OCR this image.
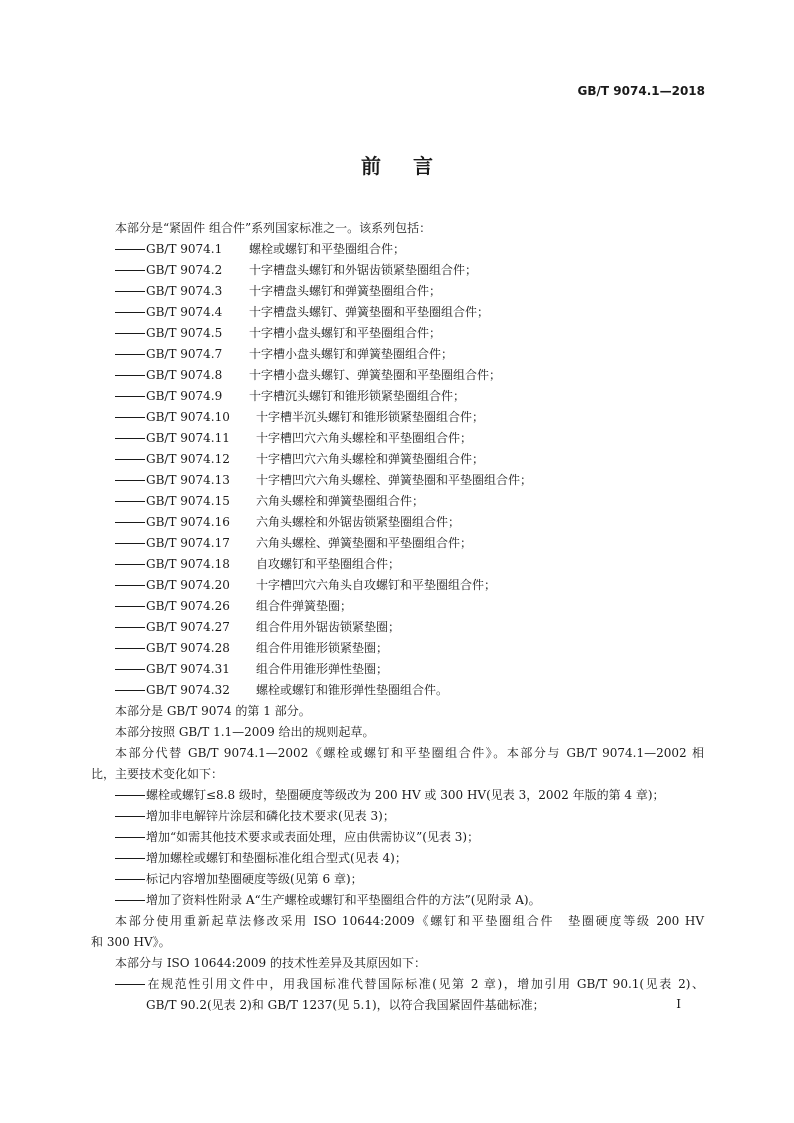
GB/T 9074.1—2018
前言
本部分是“紧固件 组合件”系列国家标准之一。该系列包括：
GB/T 9074.1 螺栓或螺钉和平垫圈组合件；
GB/T 9074.2 十字槽盘头螺钉和外锯齿锁紧垫圈组合件；
GB/T 9074.3 十字槽盘头螺钉和弹簧垫圈组合件；
GB/T 9074.4 十字槽盘头螺钉、弹簧垫圈和平垫圈组合件；
GB/T 9074.5 十字槽小盘头螺钉和平垫圈组合件；
GB/T 9074.7 十字槽小盘头螺钉和弹簧垫圈组合件；
GB/T 9074.8 十字槽小盘头螺钉、弹簧垫圈和平垫圈组合件；
GB/T 9074.9 十字槽沉头螺钉和锥形锁紧垫圈组合件；
GB/T 9074.10 十字槽半沉头螺钉和锥形锁紧垫圈组合件；
GB/T 9074.11 十字槽凹穴六角头螺栓和平垫圈组合件；
GB/T 9074.12 十字槽凹穴六角头螺栓和弹簧垫圈组合件；
GB/T 9074.13 十字槽凹穴六角头螺栓、弹簧垫圈和平垫圈组合件；
GB/T 9074.15 六角头螺栓和弹簧垫圈组合件；
GB/T 9074.16 六角头螺栓和外锯齿锁紧垫圈组合件；
GB/T 9074.17 六角头螺栓、弹簧垫圈和平垫圈组合件；
GB/T 9074.18 自攻螺钉和平垫圈组合件；
GB/T 9074.20 十字槽凹穴六角头自攻螺钉和平垫圈组合件；
GB/T 9074.26 组合件弹簧垫圈；
GB/T 9074.27 组合件用外锯齿锁紧垫圈；
GB/T 9074.28 组合件用锥形锁紧垫圈；
GB/T 9074.31 组合件用锥形弹性垫圈；
GB/T 9074.32 螺栓或螺钉和锥形弹性垫圈组合件。
本部分是 GB/T 9074 的第 1 部分。
本部分按照 GB/T 1.1—2009 给出的规则起草。
本部分代替 GB/T 9074.1—2002《螺栓或螺钉和平垫圈组合件》。本部分与 GB/T 9074.1—2002 相
比，主要技术变化如下：
螺栓或螺钉≤8.8 级时，垫圈硬度等级改为 200 HV 或 300 HV(见表 3，2002 年版的第 4 章)；
增加非电解锌片涂层和磷化技术要求(见表 3)；
增加“如需其他技术要求或表面处理，应由供需协议”(见表 3)；
增加螺栓或螺钉和垫圈标准化组合型式(见表 4)；
标记内容增加垫圈硬度等级(见第 6 章)；
增加了资料性附录 A“生产螺栓或螺钉和平垫圈组合件的方法”(见附录 A)。
本部分使用重新起草法修改采用 ISO 10644:2009《螺钉和平垫圈组合件　垫圈硬度等级 200 HV
和 300 HV》。
本部分与 ISO 10644:2009 的技术性差异及其原因如下：
在规范性引用文件中，用我国标准代替国际标准(见第 2 章)，增加引用 GB/T 90.1(见表 2)、
GB/T 90.2(见表 2)和 GB/T 1237(见 5.1)，以符合我国紧固件基础标准；	I
